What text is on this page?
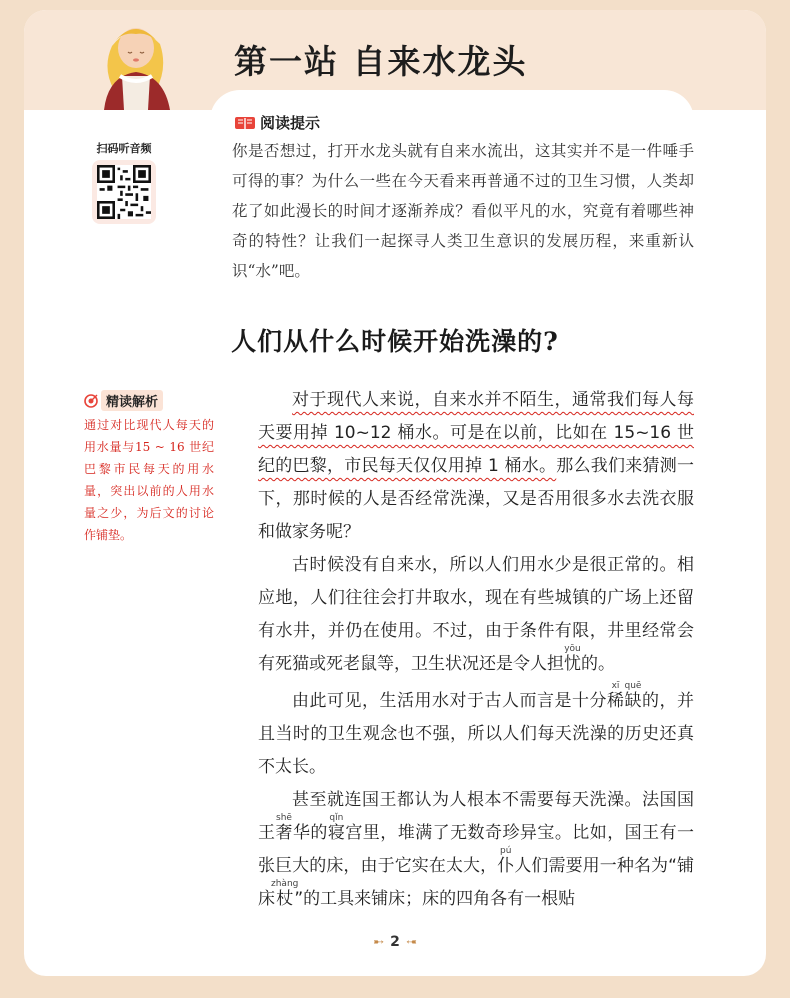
第一站 自来水龙头
阅读提示
你是否想过，打开水龙头就有自来水流出，这其实并不是一件唾手可得的事？为什么一些在今天看来再普通不过的卫生习惯，人类却花了如此漫长的时间才逐渐养成？看似平凡的水，究竟有着哪些神奇的特性？让我们一起探寻人类卫生意识的发展历程，来重新认识“水”吧。
扫码听音频
人们从什么时候开始洗澡的?
精读解析
通过对比现代人每天的用水量与15 ~ 16 世纪巴黎市民每天的用水量，突出以前的人用水量之少，为后文的讨论作铺垫。

对于现代人来说，自来水并不陌生，通常我们每人每天要用掉 10~12 桶水。可是在以前，比如在 15~16 世纪的巴黎，市民每天仅仅用掉 1 桶水。那么我们来猜测一下，那时候的人是否经常洗澡，又是否用很多水去洗衣服和做家务呢？

古时候没有自来水，所以人们用水少是很正常的。相应地，人们往往会打井取水，现在有些城镇的广场上还留有水井，并仍在使用。不过，由于条件有限，井里经常会有死猫或死老鼠等，卫生状况还是令人担忧yōu的。

由此可见，生活用水对于古人而言是十分稀xī缺quē的，并且当时的卫生观念也不强，所以人们每天洗澡的历史还真不太长。

甚至就连国王都认为人根本不需要每天洗澡。法国国王奢shē华的寝qǐn宫里，堆满了无数奇珍异宝。比如，国王有一张巨大的床，由于它实在太大，仆pú人们需要用一种名为“铺床杖zhàng”的工具来铺床；床的四角各有一根贴

➸ 2 ➸
